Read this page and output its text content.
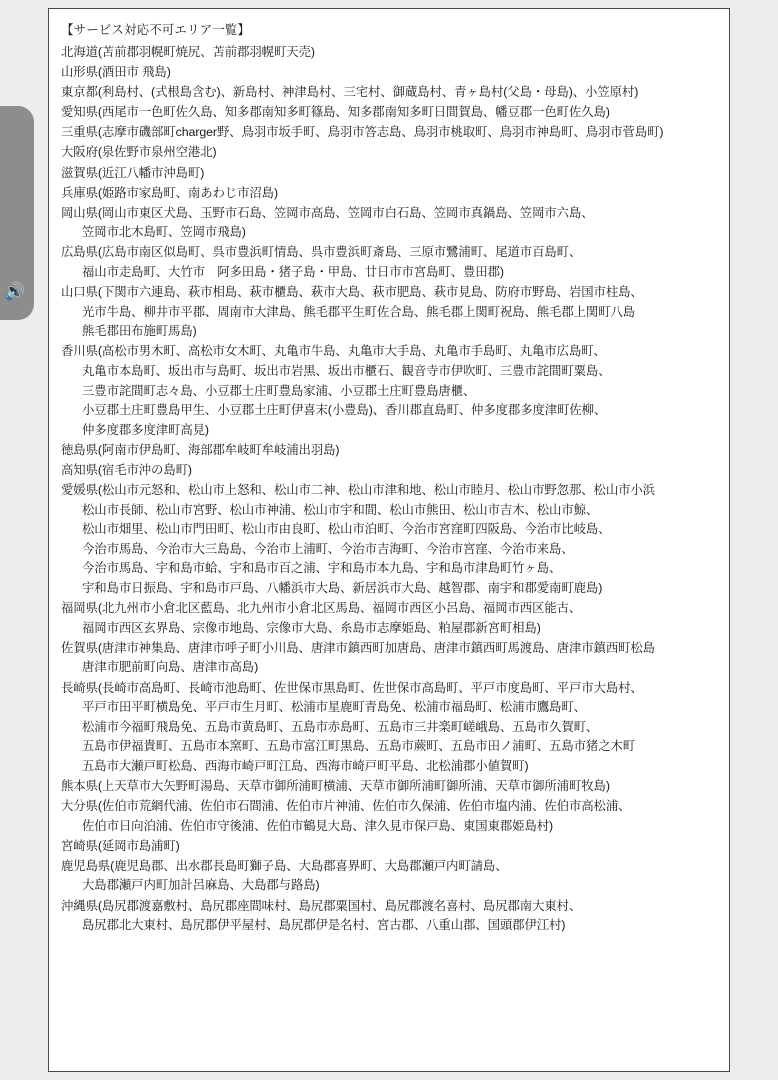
🔊
【サービス対応不可エリア一覧】
北海道(苫前郡羽幌町焼尻、苫前郡羽幌町天売)
山形県(酒田市 飛島)
東京都(利島村、(式根島含む)、新島村、神津島村、三宅村、御蔵島村、青ヶ島村(父島・母島)、小笠原村)
愛知県(西尾市一色町佐久島、知多郡南知多町篠島、知多郡南知多町日間賀島、幡豆郡一色町佐久島)
三重県(志摩市磯部町charger野、鳥羽市坂手町、鳥羽市答志島、鳥羽市桃取町、鳥羽市神島町、鳥羽市菅島町)
大阪府(泉佐野市泉州空港北)
滋賀県(近江八幡市沖島町)
兵庫県(姫路市家島町、南あわじ市沼島)
岡山県(岡山市東区犬島、玉野市石島、笠岡市高島、笠岡市白石島、笠岡市真鍋島、笠岡市六島、
笠岡市北木島町、笠岡市飛島)
広島県(広島市南区似島町、呉市豊浜町情島、呉市豊浜町斎島、三原市鷺浦町、尾道市百島町、
福山市走島町、大竹市　阿多田島・猪子島・甲島、廿日市市宮島町、豊田郡)
山口県(下関市六連島、萩市相島、萩市櫃島、萩市大島、萩市肥島、萩市見島、防府市野島、岩国市柱島、
光市牛島、柳井市平郡、周南市大津島、熊毛郡平生町佐合島、熊毛郡上関町祝島、熊毛郡上関町八島
熊毛郡田布施町馬島)
香川県(高松市男木町、高松市女木町、丸亀市牛島、丸亀市大手島、丸亀市手島町、丸亀市広島町、
丸亀市本島町、坂出市与島町、坂出市岩黒、坂出市櫃石、観音寺市伊吹町、三豊市詫間町粟島、
三豊市詫間町志々島、小豆郡土庄町豊島家浦、小豆郡土庄町豊島唐櫃、
小豆郡土庄町豊島甲生、小豆郡土庄町伊喜末(小豊島)、香川郡直島町、仲多度郡多度津町佐柳、
仲多度郡多度津町高見)
徳島県(阿南市伊島町、海部郡牟岐町牟岐浦出羽島)
高知県(宿毛市沖の島町)
愛媛県(松山市元怒和、松山市上怒和、松山市二神、松山市津和地、松山市睦月、松山市野忽那、松山市小浜
松山市長師、松山市宮野、松山市神浦、松山市宇和間、松山市熊田、松山市吉木、松山市鯨、
松山市畑里、松山市門田町、松山市由良町、松山市泊町、今治市宮窪町四阪島、今治市比岐島、
今治市馬島、今治市大三島島、今治市上浦町、今治市吉海町、今治市宮窪、今治市来島、
今治市馬島、宇和島市蛤、宇和島市百之浦、宇和島市本九島、宇和島市津島町竹ヶ島、
宇和島市日振島、宇和島市戸島、八幡浜市大島、新居浜市大島、越智郡、南宇和郡愛南町鹿島)
福岡県(北九州市小倉北区藍島、北九州市小倉北区馬島、福岡市西区小呂島、福岡市西区能古、
福岡市西区玄界島、宗像市地島、宗像市大島、糸島市志摩姫島、粕屋郡新宮町相島)
佐賀県(唐津市神集島、唐津市呼子町小川島、唐津市鎮西町加唐島、唐津市鎮西町馬渡島、唐津市鎮西町松島
唐津市肥前町向島、唐津市高島)
長崎県(長崎市高島町、長崎市池島町、佐世保市黒島町、佐世保市高島町、平戸市度島町、平戸市大島村、
平戸市田平町横島免、平戸市生月町、松浦市星鹿町青島免、松浦市福島町、松浦市鷹島町、
松浦市今福町飛島免、五島市黄島町、五島市赤島町、五島市三井楽町嵯峨島、五島市久賀町、
五島市伊福貴町、五島市本窯町、五島市富江町黒島、五島市蕨町、五島市田ノ浦町、五島市猪之木町
五島市大瀬戸町松島、西海市崎戸町江島、西海市崎戸町平島、北松浦郡小値賀町)
熊本県(上天草市大矢野町湯島、天草市御所浦町横浦、天草市御所浦町御所浦、天草市御所浦町牧島)
大分県(佐伯市荒網代浦、佐伯市石間浦、佐伯市片神浦、佐伯市久保浦、佐伯市塩内浦、佐伯市高松浦、
佐伯市日向泊浦、佐伯市守後浦、佐伯市鶴見大島、津久見市保戸島、東国東郡姫島村)
宮崎県(延岡市島浦町)
鹿児島県(鹿児島郡、出水郡長島町獅子島、大島郡喜界町、大島郡瀬戸内町請島、
大島郡瀬戸内町加計呂麻島、大島郡与路島)
沖縄県(島尻郡渡嘉敷村、島尻郡座間味村、島尻郡粟国村、島尻郡渡名喜村、島尻郡南大東村、
島尻郡北大東村、島尻郡伊平屋村、島尻郡伊是名村、宮古郡、八重山郡、国頭郡伊江村)
